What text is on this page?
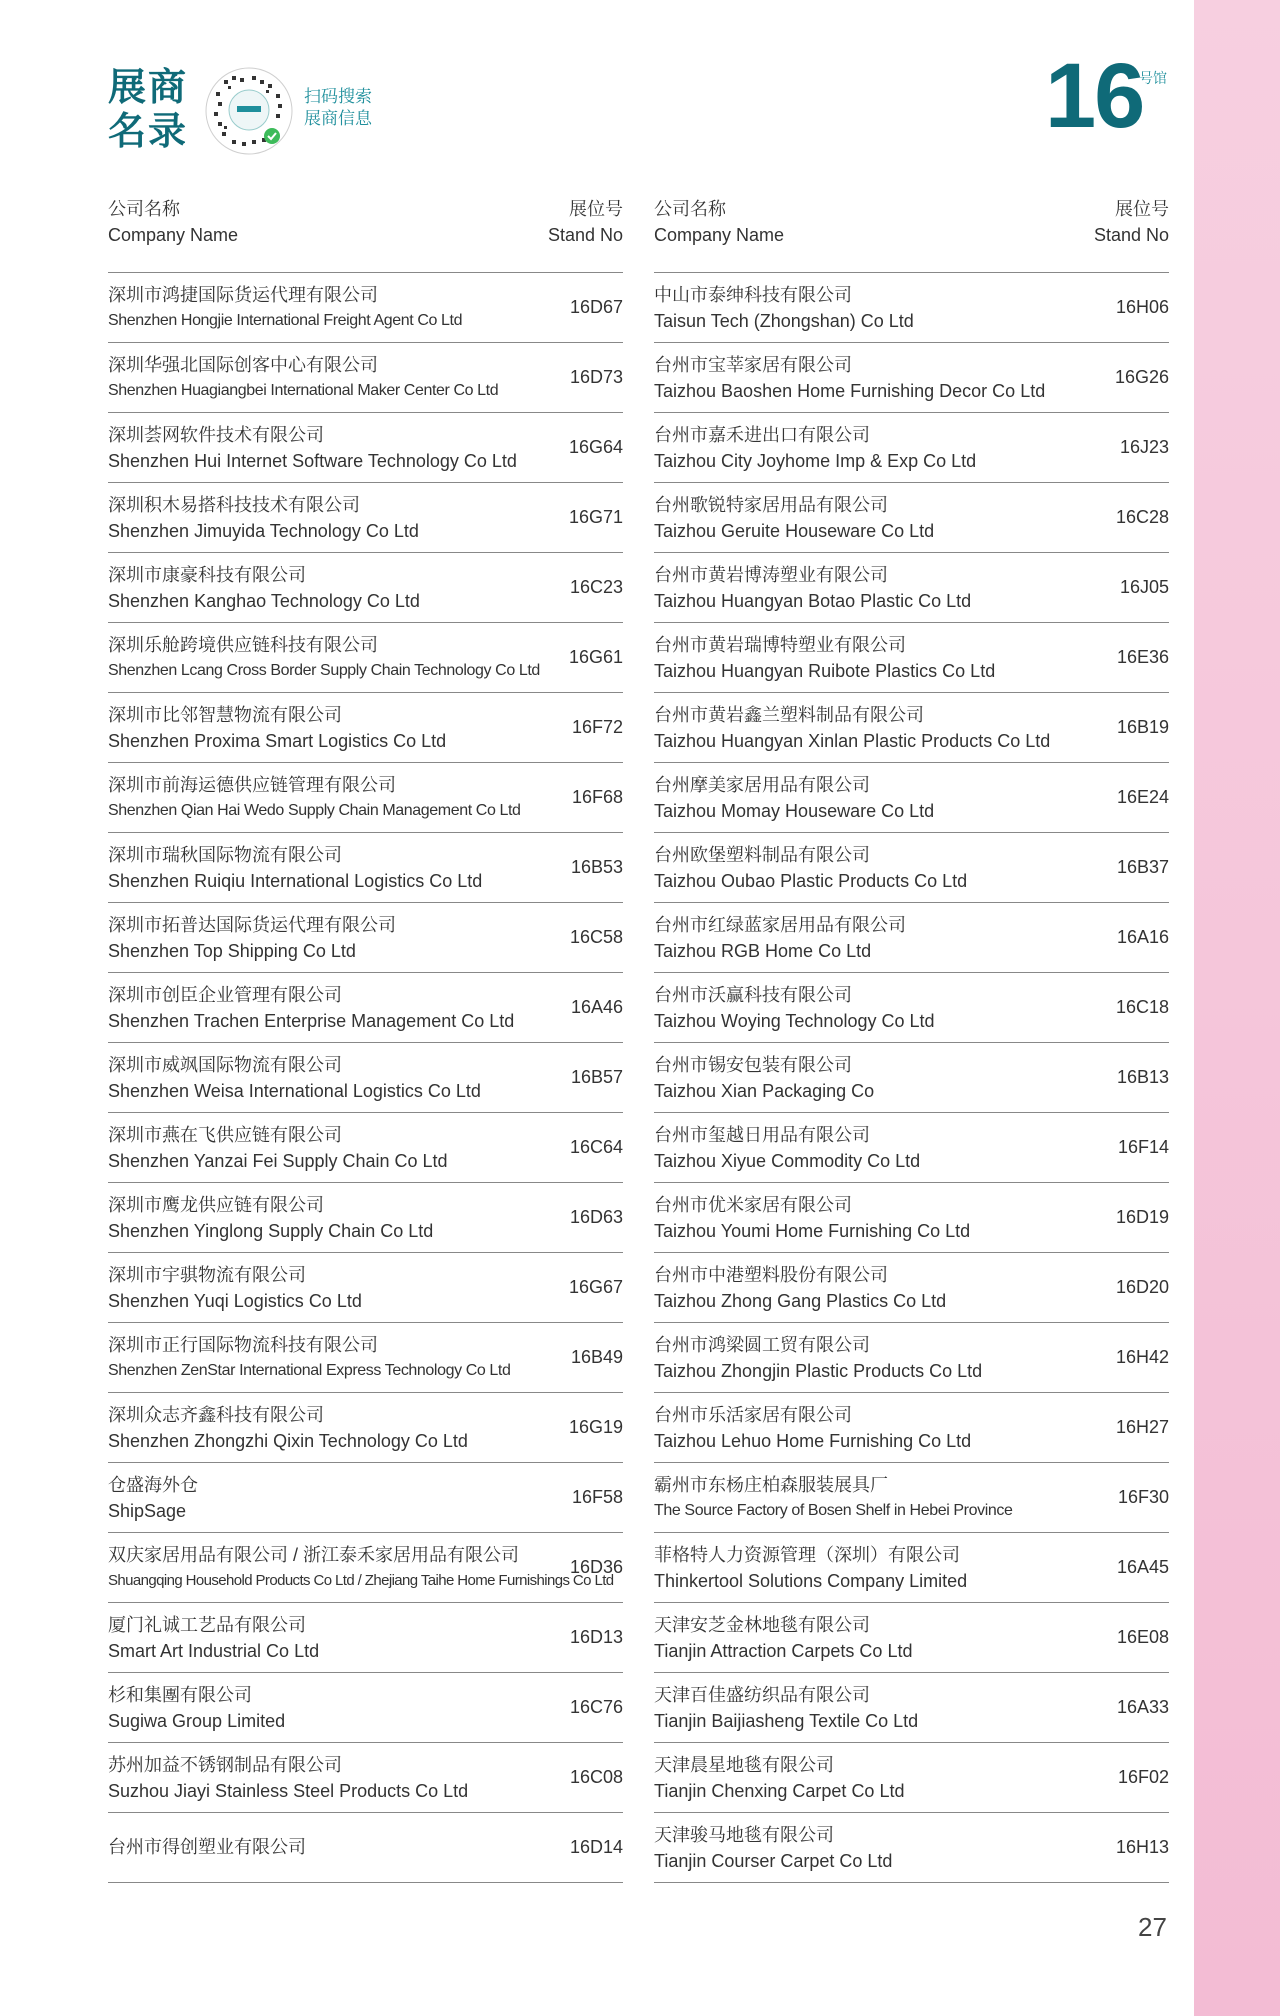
展商
名录
扫码搜索
展商信息	16
号馆
公司名称
Company Name
展位号
Stand No
深圳市鸿捷国际货运代理有限公司
Shenzhen Hongjie International Freight Agent Co Ltd
16D67
深圳华强北国际创客中心有限公司
Shenzhen Huagiangbei International Maker Center Co Ltd
16D73
深圳荟网软件技术有限公司
Shenzhen Hui Internet Software Technology Co Ltd
16G64
深圳积木易搭科技技术有限公司
Shenzhen Jimuyida Technology Co Ltd
16G71
深圳市康豪科技有限公司
Shenzhen Kanghao Technology Co Ltd
16C23
深圳乐舱跨境供应链科技有限公司
Shenzhen Lcang Cross Border Supply Chain Technology Co Ltd
16G61
深圳市比邻智慧物流有限公司
Shenzhen Proxima Smart Logistics Co Ltd
16F72
深圳市前海运德供应链管理有限公司
Shenzhen Qian Hai Wedo Supply Chain Management Co Ltd
16F68
深圳市瑞秋国际物流有限公司
Shenzhen Ruiqiu International Logistics Co Ltd
16B53
深圳市拓普达国际货运代理有限公司
Shenzhen Top Shipping Co Ltd
16C58
深圳市创臣企业管理有限公司
Shenzhen Trachen Enterprise Management Co Ltd
16A46
深圳市威飒国际物流有限公司
Shenzhen Weisa International Logistics Co Ltd
16B57
深圳市燕在飞供应链有限公司
Shenzhen Yanzai Fei Supply Chain Co Ltd
16C64
深圳市鹰龙供应链有限公司
Shenzhen Yinglong Supply Chain Co Ltd
16D63
深圳市宇骐物流有限公司
Shenzhen Yuqi Logistics Co Ltd
16G67
深圳市正行国际物流科技有限公司
Shenzhen ZenStar International Express Technology Co Ltd
16B49
深圳众志齐鑫科技有限公司
Shenzhen Zhongzhi Qixin Technology Co Ltd
16G19
仓盛海外仓
ShipSage
16F58
双庆家居用品有限公司 / 浙江泰禾家居用品有限公司
Shuangqing Household Products Co Ltd / Zhejiang Taihe Home Furnishings Co Ltd
16D36
厦门礼诚工艺品有限公司
Smart Art Industrial Co Ltd
16D13
杉和集團有限公司
Sugiwa Group Limited
16C76
苏州加益不锈钢制品有限公司
Suzhou Jiayi Stainless Steel Products Co Ltd
16C08
台州市得创塑业有限公司	16D14
公司名称
Company Name
展位号
Stand No
中山市泰绅科技有限公司
Taisun Tech (Zhongshan) Co Ltd
16H06
台州市宝莘家居有限公司
Taizhou Baoshen Home Furnishing Decor Co Ltd
16G26
台州市嘉禾进出口有限公司
Taizhou City Joyhome Imp & Exp Co Ltd
16J23
台州歌锐特家居用品有限公司
Taizhou Geruite Houseware Co Ltd
16C28
台州市黄岩博涛塑业有限公司
Taizhou Huangyan Botao Plastic Co Ltd
16J05
台州市黄岩瑞博特塑业有限公司
Taizhou Huangyan Ruibote Plastics Co Ltd
16E36
台州市黄岩鑫兰塑料制品有限公司
Taizhou Huangyan Xinlan Plastic Products Co Ltd
16B19
台州摩美家居用品有限公司
Taizhou Momay Houseware Co Ltd
16E24
台州欧堡塑料制品有限公司
Taizhou Oubao Plastic Products Co Ltd
16B37
台州市红绿蓝家居用品有限公司
Taizhou RGB Home Co Ltd
16A16
台州市沃赢科技有限公司
Taizhou Woying Technology Co Ltd
16C18
台州市锡安包装有限公司
Taizhou Xian Packaging Co
16B13
台州市玺越日用品有限公司
Taizhou Xiyue Commodity Co Ltd
16F14
台州市优米家居有限公司
Taizhou Youmi Home Furnishing Co Ltd
16D19
台州市中港塑料股份有限公司
Taizhou Zhong Gang Plastics Co Ltd
16D20
台州市鸿梁圆工贸有限公司
Taizhou Zhongjin Plastic Products Co Ltd
16H42
台州市乐活家居有限公司
Taizhou Lehuo Home Furnishing Co Ltd
16H27
霸州市东杨庄柏森服装展具厂
The Source Factory of Bosen Shelf in Hebei Province
16F30
菲格特人力资源管理（深圳）有限公司
Thinkertool Solutions Company Limited
16A45
天津安芝金林地毯有限公司
Tianjin Attraction Carpets Co Ltd
16E08
天津百佳盛纺织品有限公司
Tianjin Baijiasheng Textile Co Ltd
16A33
天津晨星地毯有限公司
Tianjin Chenxing Carpet Co Ltd
16F02
天津骏马地毯有限公司
Tianjin Courser Carpet Co Ltd
16H13
27
